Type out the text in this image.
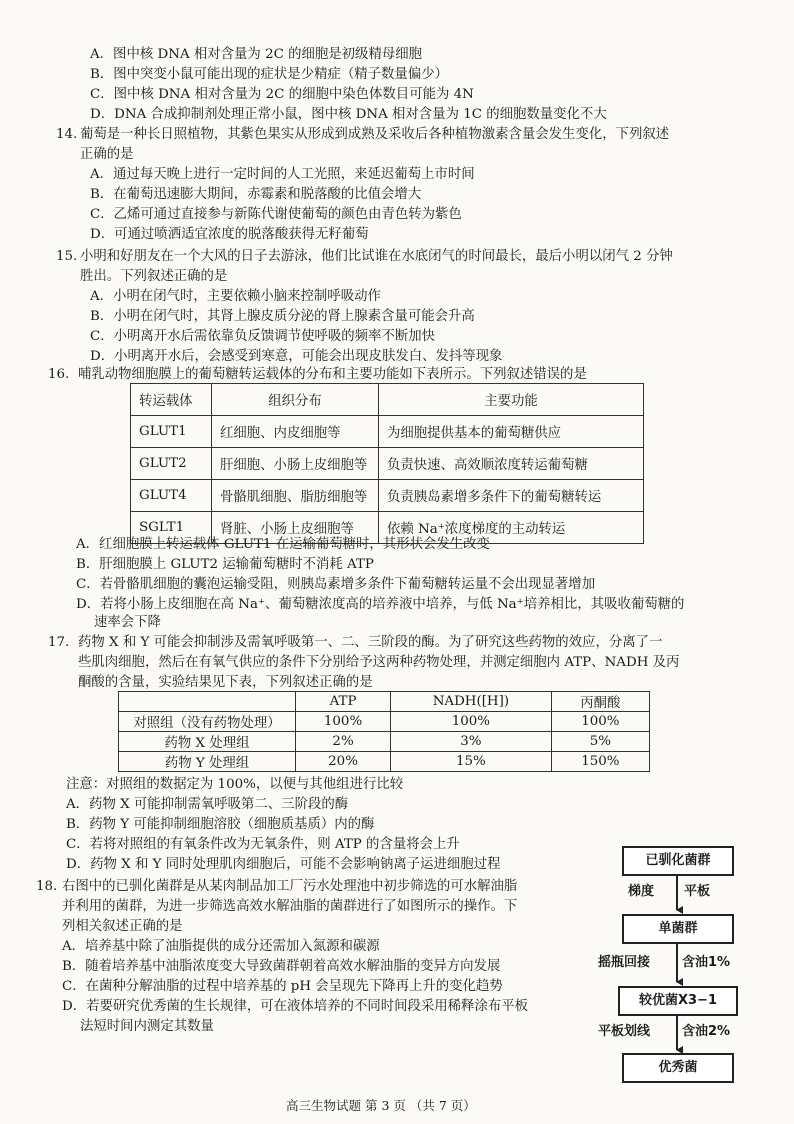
A．图中核 DNA 相对含量为 2C 的细胞是初级精母细胞
B．图中突变小鼠可能出现的症状是少精症（精子数量偏少）
C．图中核 DNA 相对含量为 2C 的细胞中染色体数目可能为 4N
D．DNA 合成抑制剂处理正常小鼠，图中核 DNA 相对含量为 1C 的细胞数量变化不大
14. 葡萄是一种长日照植物，其紫色果实从形成到成熟及采收后各种植物激素含量会发生变化，下列叙述
正确的是
A．通过每天晚上进行一定时间的人工光照，来延迟葡萄上市时间
B．在葡萄迅速膨大期间，赤霉素和脱落酸的比值会增大
C．乙烯可通过直接参与新陈代谢使葡萄的颜色由青色转为紫色
D．可通过喷洒适宜浓度的脱落酸获得无籽葡萄
15. 小明和好朋友在一个大风的日子去游泳，他们比试谁在水底闭气的时间最长，最后小明以闭气 2 分钟
胜出。下列叙述正确的是
A．小明在闭气时，主要依赖小脑来控制呼吸动作
B．小明在闭气时，其肾上腺皮质分泌的肾上腺素含量可能会升高
C．小明离开水后需依靠负反馈调节使呼吸的频率不断加快
D．小明离开水后，会感受到寒意，可能会出现皮肤发白、发抖等现象
16. 哺乳动物细胞膜上的葡萄糖转运载体的分布和主要功能如下表所示。下列叙述错误的是
转运载体	组织分布	主要功能
GLUT1	红细胞、内皮细胞等	为细胞提供基本的葡萄糖供应
GLUT2	肝细胞、小肠上皮细胞等	负责快速、高效顺浓度转运葡萄糖
GLUT4	骨骼肌细胞、脂肪细胞等	负责胰岛素增多条件下的葡萄糖转运
SGLT1	肾脏、小肠上皮细胞等	依赖 Na⁺浓度梯度的主动转运
A．红细胞膜上转运载体 GLUT1 在运输葡萄糖时，其形状会发生改变
B．肝细胞膜上 GLUT2 运输葡萄糖时不消耗 ATP
C．若骨骼肌细胞的囊泡运输受阻，则胰岛素增多条件下葡萄糖转运量不会出现显著增加
D．若将小肠上皮细胞在高 Na⁺、葡萄糖浓度高的培养液中培养，与低 Na⁺培养相比，其吸收葡萄糖的
速率会下降
17. 药物 X 和 Y 可能会抑制涉及需氧呼吸第一、二、三阶段的酶。为了研究这些药物的效应，分离了一
些肌肉细胞，然后在有氧气供应的条件下分别给予这两种药物处理，并测定细胞内 ATP、NADH 及丙
酮酸的含量，实验结果见下表，下列叙述正确的是
	ATP	NADH([H])	丙酮酸
对照组（没有药物处理）	100%	100%	100%
药物 X 处理组	2%	3%	5%
药物 Y 处理组	20%	15%	150%
注意：对照组的数据定为 100%，以便与其他组进行比较
A．药物 X 可能抑制需氧呼吸第二、三阶段的酶
B．药物 Y 可能抑制细胞溶胶（细胞质基质）内的酶
C．若将对照组的有氧条件改为无氧条件，则 ATP 的含量将会上升
D．药物 X 和 Y 同时处理肌肉细胞后，可能不会影响钠离子运进细胞过程
18. 右图中的已驯化菌群是从某肉制品加工厂污水处理池中初步筛选的可水解油脂
并利用的菌群，为进一步筛选高效水解油脂的菌群进行了如图所示的操作。下
列相关叙述正确的是
A．培养基中除了油脂提供的成分还需加入氮源和碳源
B．随着培养基中油脂浓度变大导致菌群朝着高效水解油脂的变异方向发展
C．在菌种分解油脂的过程中培养基的 pH 会呈现先下降再上升的变化趋势
D．若要研究优秀菌的生长规律，可在液体培养的不同时间段采用稀释涂布平板
法短时间内测定其数量
已驯化菌群
梯度 平板
单菌群
摇瓶回接 含油1%
较优菌X3−1
平板划线 含油2%
优秀菌
高三生物试题 第 3 页 （共 7 页）
